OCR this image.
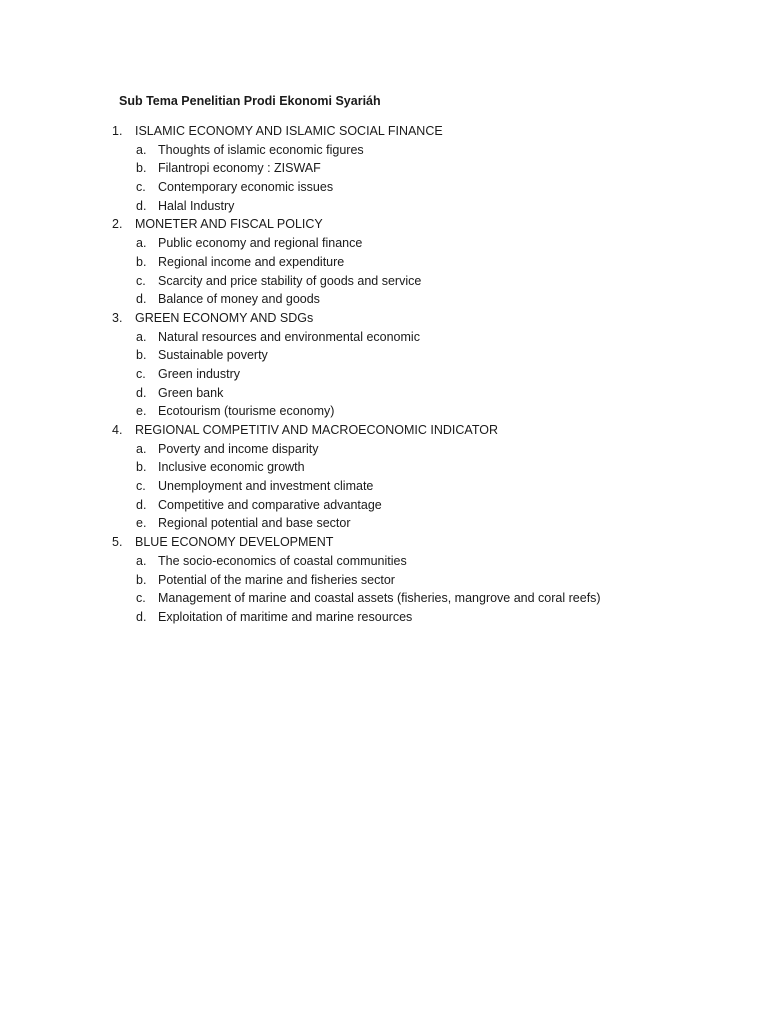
Sub Tema Penelitian Prodi Ekonomi Syariáh
1. ISLAMIC ECONOMY AND ISLAMIC SOCIAL FINANCE
a. Thoughts of islamic economic figures
b. Filantropi economy : ZISWAF
c. Contemporary economic issues
d. Halal Industry
2. MONETER AND FISCAL POLICY
a. Public economy and regional finance
b. Regional income and expenditure
c. Scarcity and price stability of goods and service
d. Balance of money and goods
3. GREEN ECONOMY AND SDGs
a. Natural resources and environmental economic
b. Sustainable poverty
c. Green industry
d. Green bank
e. Ecotourism (tourisme economy)
4. REGIONAL COMPETITIV AND MACROECONOMIC INDICATOR
a. Poverty and income disparity
b. Inclusive economic growth
c. Unemployment and investment climate
d. Competitive and comparative advantage
e. Regional potential and base sector
5. BLUE ECONOMY DEVELOPMENT
a. The socio-economics of coastal communities
b. Potential of the marine and fisheries sector
c. Management of marine and coastal assets (fisheries, mangrove and coral reefs)
d. Exploitation of maritime and marine resources
